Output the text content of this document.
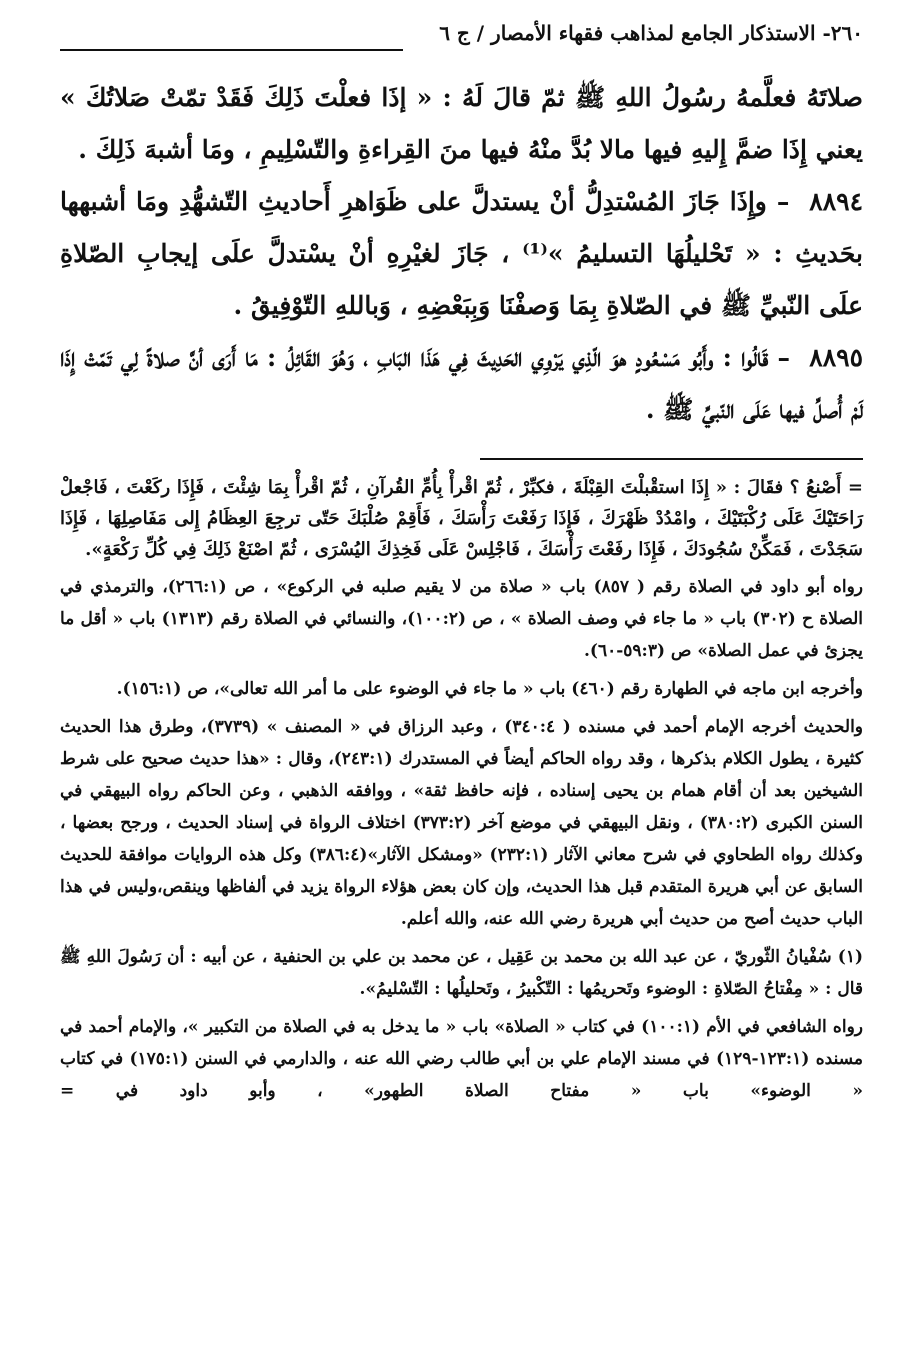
٢٦٠- الاستذكار الجامع لمذاهب فقهاء الأمصار / ج ٦

صلاتَهُ فعلَّمهُ رسُولُ اللهِ ﷺ ثمّ قالَ لَهُ : « إذَا فعلْتَ ذَلِكَ فَقَدْ تمّتْ صَلاتُكَ » يعني إِذَا ضمَّ إِليهِ فيها مالا بُدَّ منْهُ فيها منَ القِراءةِ والتّسْلِيمِ ، ومَا أشبهَ ذَلِكَ .

٨٨٩٤ – وإِذَا جَازَ المُسْتدِلُّ أنْ يستدلَّ على ظَوَاهرِ أَحاديثِ التّشهُّدِ ومَا أشبهها بحَديثِ : « تَحْليلُهَا التسليمُ »⁽¹⁾ ، جَازَ لغيْرِهِ أنْ يسْتدلَّ علَى إيجابِ الصّلاةِ علَى النّبيِّ ﷺ في الصّلاةِ بِمَا وَصفْنَا وَبِبَعْضِهِ ، وَباللهِ التّوْفِيقُ .

٨٨٩٥ – قَالُوا : وأَبُو مَسْعُودٍ هوَ الّذِي يَرْوِي الحَدِيثَ فِي هَذَا البَابِ ، وَهُوَ القَائِلُ : مَا أَرَى أنَّ صلاةً لِي تَمّتْ إِذَا لَمْ أُصلِّ فيها عَلَى النّبيِّ ﷺ .

= أَصْنعُ ؟ فقَالَ : « إِذَا استقْبلْتَ القِبْلَةَ ، فكبِّرْ ، ثُمّ اقْرأْ بِأُمِّ القُرآنِ ، ثُمّ اقْرأْ بِمَا شِئْتَ ، فَإِذَا ركَعْتَ ، فَاجْعلْ رَاحَتَيْكَ عَلَى رُكْبَتَيْكَ ، وامْدُدْ ظَهْرَكَ ، فَإِذَا رَفَعْتَ رَأْسَكَ ، فَأَقِمْ صُلْبَكَ حَتّى ترجِعَ العِظَامُ إِلى مَفَاصِلِهَا ، فَإِذَا سَجَدْتَ ، فَمَكِّنْ سُجُودَكَ ، فَإِذَا رفَعْتَ رَأْسَكَ ، فَاجْلِسْ عَلَى فَخِذِكَ اليُسْرَى ، ثُمّ اصْنَعْ ذَلِكَ فِي كُلِّ رَكْعَةٍ».

رواه أبو داود في الصلاة رقم ( ٨٥٧) باب « صلاة من لا يقيم صلبه في الركوع» ، ص (٢٦٦:١)، والترمذي في الصلاة ح (٣٠٢) باب « ما جاء في وصف الصلاة » ، ص (١٠٠:٢)، والنسائي في الصلاة رقم (١٣١٣) باب « أقل ما يجزئ في عمل الصلاة» ص (٥٩:٣-٦٠).

وأخرجه ابن ماجه في الطهارة رقم (٤٦٠) باب « ما جاء في الوضوء على ما أمر الله تعالى»، ص (١٥٦:١).

والحديث أخرجه الإمام أحمد في مسنده ( ٣٤٠:٤) ، وعبد الرزاق في « المصنف » (٣٧٣٩)، وطرق هذا الحديث كثيرة ، يطول الكلام بذكرها ، وقد رواه الحاكم أيضاً في المستدرك (٢٤٣:١)، وقال : «هذا حديث صحيح على شرط الشيخين بعد أن أقام همام بن يحيى إسناده ، فإنه حافظ ثقة» ، ووافقه الذهبي ، وعن الحاكم رواه البيهقي في السنن الكبرى (٣٨٠:٢) ، ونقل البيهقي في موضع آخر (٣٧٣:٢) اختلاف الرواة في إسناد الحديث ، ورجح بعضها ، وكذلك رواه الطحاوي في شرح معاني الآثار (٢٣٢:١) «ومشكل الآثار»(٣٨٦:٤) وكل هذه الروايات موافقة للحديث السابق عن أبي هريرة المتقدم قبل هذا الحديث، وإن كان بعض هؤلاء الرواة يزيد في ألفاظها وينقص،وليس في هذا الباب حديث أصح من حديث أبي هريرة رضي الله عنه، والله أعلم.

(١) سُفْيانُ الثّوريّ ، عن عبد الله بن محمد بن عَقِيل ، عن محمد بن علي بن الحنفية ، عن أبيه : أن رَسُولَ اللهِ ﷺ قال : « مِفْتاحُ الصّلاةِ : الوضوء وتَحريمُها : التّكْبيرُ ، وتَحليلُها : التّسْليمُ».

رواه الشافعي في الأم (١٠٠:١) في كتاب « الصلاة» باب « ما يدخل به في الصلاة من التكبير »، والإمام أحمد في مسنده (١٢٣:١-١٢٩) في مسند الإمام علي بن أبي طالب رضي الله عنه ، والدارمي في السنن (١٧٥:١) في كتاب « الوضوء» باب « مفتاح الصلاة الطهور» ، وأبو داود في =
